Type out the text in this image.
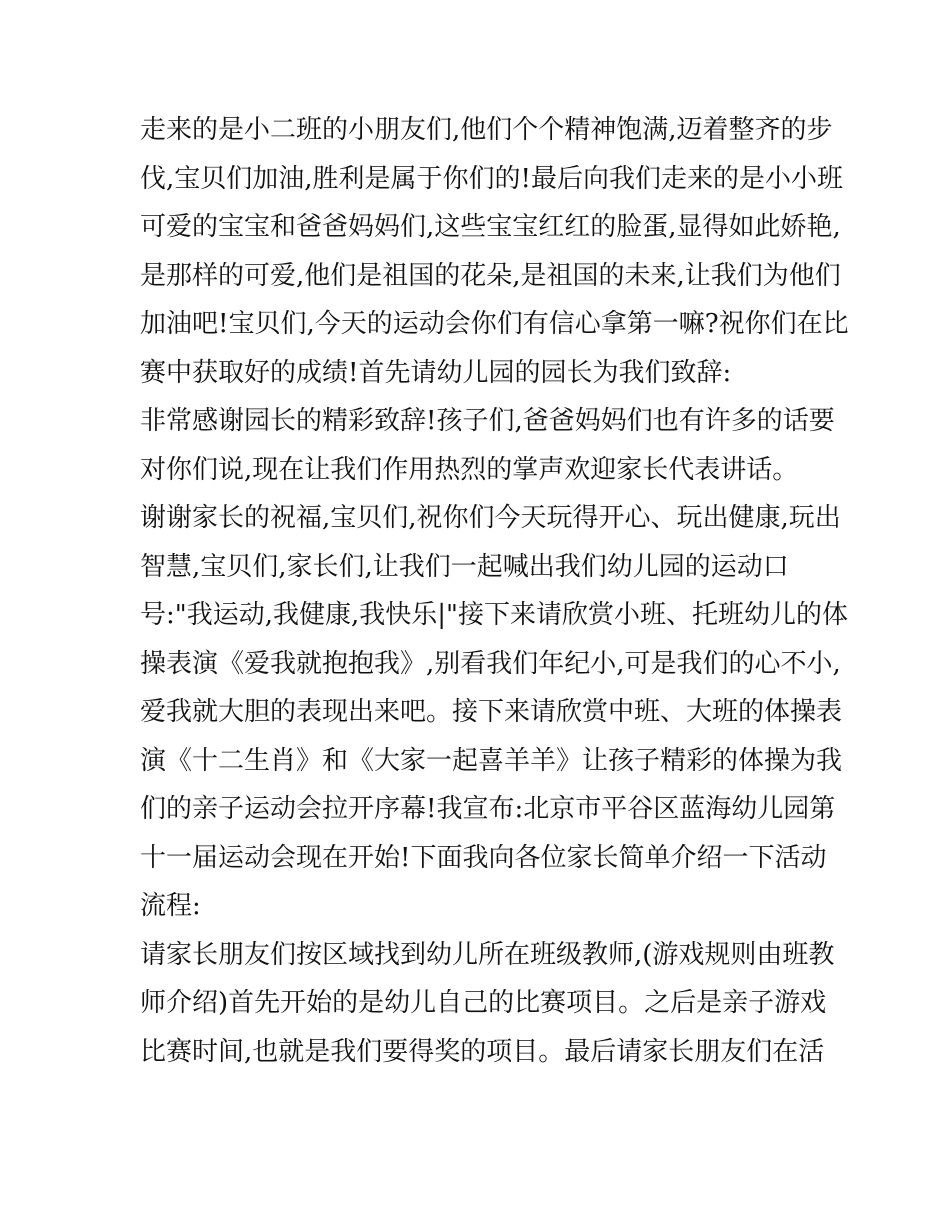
走来的是小二班的小朋友们,他们个个精神饱满,迈着整齐的步
伐,宝贝们加油,胜利是属于你们的!最后向我们走来的是小小班
可爱的宝宝和爸爸妈妈们,这些宝宝红红的脸蛋,显得如此娇艳,
是那样的可爱,他们是祖国的花朵,是祖国的未来,让我们为他们
加油吧!宝贝们,今天的运动会你们有信心拿第一嘛?祝你们在比
赛中获取好的成绩!首先请幼儿园的园长为我们致辞:

非常感谢园长的精彩致辞!孩子们,爸爸妈妈们也有许多的话要
对你们说,现在让我们作用热烈的掌声欢迎家长代表讲话。

谢谢家长的祝福,宝贝们,祝你们今天玩得开心、玩出健康,玩出
智慧,宝贝们,家长们,让我们一起喊出我们幼儿园的运动口
号:"我运动,我健康,我快乐|"接下来请欣赏小班、托班幼儿的体
操表演《爱我就抱抱我》,别看我们年纪小,可是我们的心不小,
爱我就大胆的表现出来吧。接下来请欣赏中班、大班的体操表
演《十二生肖》和《大家一起喜羊羊》让孩子精彩的体操为我
们的亲子运动会拉开序幕!我宣布:北京市平谷区蓝海幼儿园第
十一届运动会现在开始!下面我向各位家长简单介绍一下活动
流程:

请家长朋友们按区域找到幼儿所在班级教师,(游戏规则由班教
师介绍)首先开始的是幼儿自己的比赛项目。之后是亲子游戏
比赛时间,也就是我们要得奖的项目。最后请家长朋友们在活
